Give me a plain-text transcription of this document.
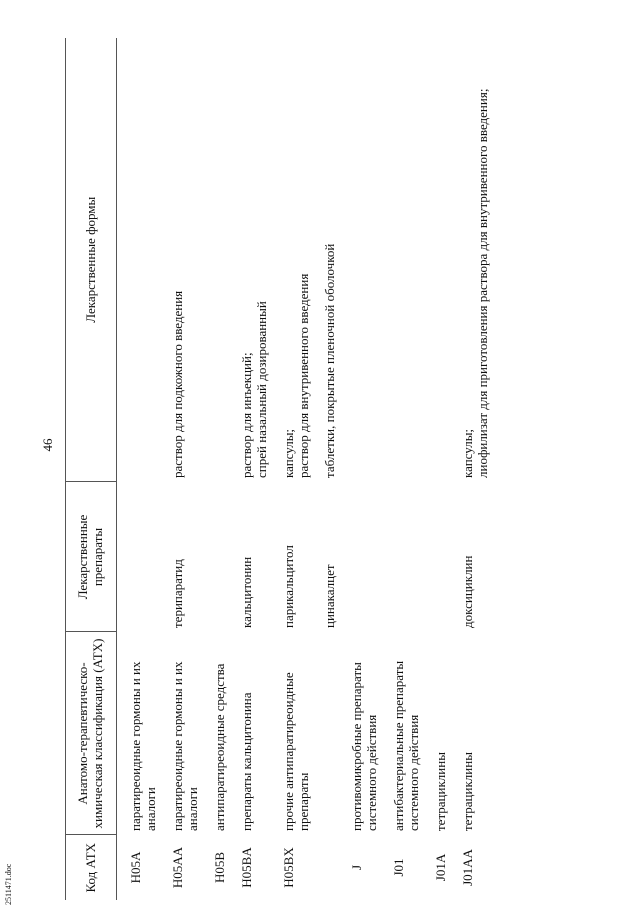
46
Код АТХ	Анатомо-терапевтическо-химическая классификация (АТХ)	Лекарственные препараты	Лекарственные формы

H05A	паратиреоидные гормоны и их аналоги		

H05AA	паратиреоидные гормоны и их аналоги	терипаратид	раствор для подкожного введения

H05B	антипаратиреоидные средства		

H05BA	препараты кальцитонина	кальцитонин	раствор для инъекций; спрей назальный дозированный

H05BX	прочие антипаратиреоидные препараты	парикальцитол	капсулы; раствор для внутривенного введения

		цинакалцет	таблетки, покрытые пленочной оболочкой

J	противомикробные препараты системного действия		

J01	антибактериальные препараты системного действия		

J01A	тетрациклины		

J01AA	тетрациклины	доксициклин	капсулы; лиофилизат для приготовления раствора для внутривенного введения;
2511471.doc
